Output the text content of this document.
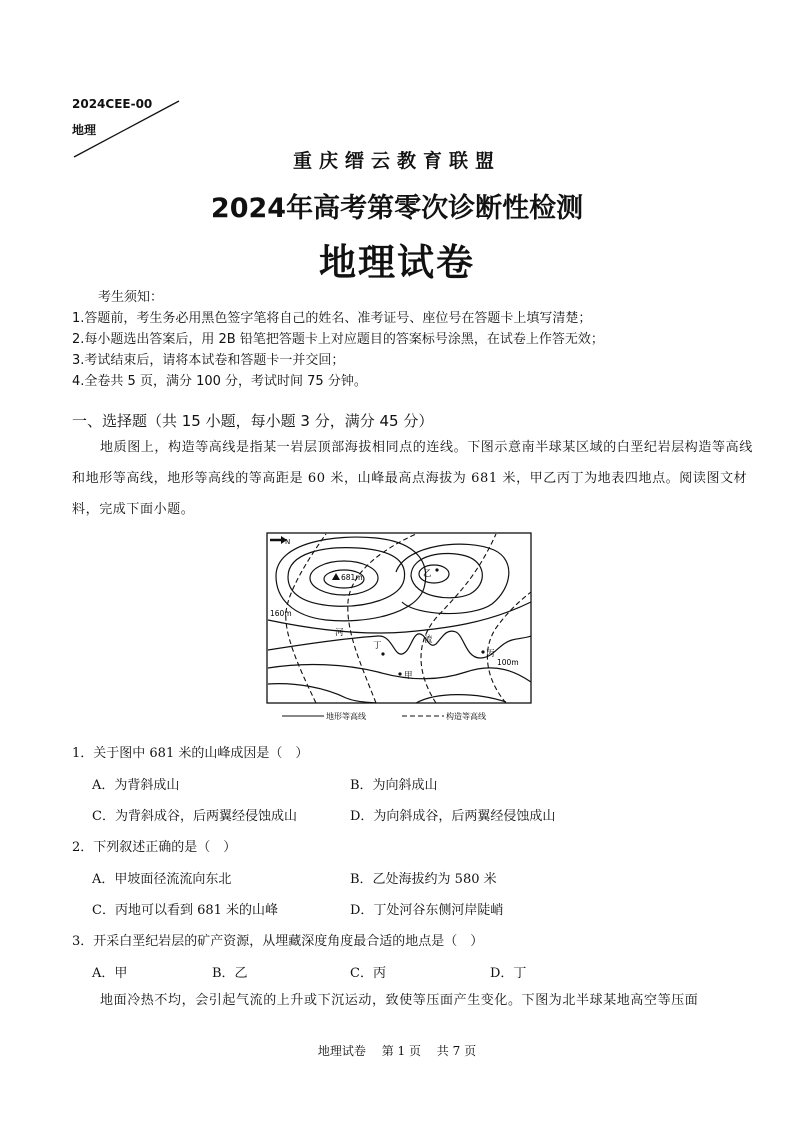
2024CEE-00
地理
重庆缙云教育联盟
2024年高考第零次诊断性检测
地理试卷
考生须知：
1.答题前，考生务必用黑色签字笔将自己的姓名、准考证号、座位号在答题卡上填写清楚；
2.每小题选出答案后，用 2B 铅笔把答题卡上对应题目的答案标号涂黑，在试卷上作答无效；
3.考试结束后，请将本试卷和答题卡一并交回；
4.全卷共 5 页，满分 100 分，考试时间 75 分钟。
一、选择题（共 15 小题，每小题 3 分，满分 45 分）
地质图上，构造等高线是指某一岩层顶部海拔相同点的连线。下图示意南半球某区域的白垩纪岩层构造等高线和地形等高线，地形等高线的等高距是 60 米，山峰最高点海拔为 681 米，甲乙丙丁为地表四地点。阅读图文材料，完成下面小题。
N
681m	乙
160m
河
流
丁
丙
100m
甲
地形等高线	构造等高线
1．关于图中 681 米的山峰成因是（　）
A．为背斜成山	B．为向斜成山
C．为背斜成谷，后两翼经侵蚀成山	D．为向斜成谷，后两翼经侵蚀成山
2．下列叙述正确的是（　）
A．甲坡面径流流向东北	B．乙处海拔约为 580 米
C．丙地可以看到 681 米的山峰	D．丁处河谷东侧河岸陡峭
3．开采白垩纪岩层的矿产资源，从埋藏深度角度最合适的地点是（　）
A．甲	B．乙	C．丙	D．丁
地面冷热不均，会引起气流的上升或下沉运动，致使等压面产生变化。下图为北半球某地高空等压面
地理试卷　 第 1 页　 共 7 页
